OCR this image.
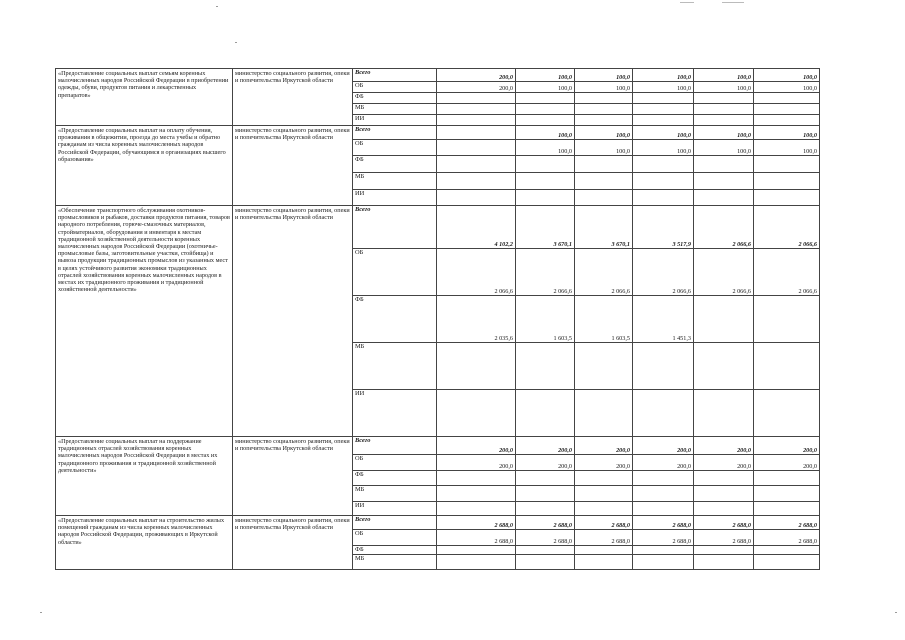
«Предоставление социальных выплат семьям коренных малочисленных народов Российской Федерации в приобретении одежды, обуви, продуктов питания и лекарственных препаратов»	министерство социального развития, опеки и попечительства Иркутской области	Всего	200,0	100,0	100,0	100,0	100,0	100,0
		ОБ	200,0	100,0	100,0	100,0	100,0	100,0
		ФБ						
		МБ						
		ИИ						
«Предоставление социальных выплат на оплату обучения, проживания в общежитии, проезда до места учебы и обратно гражданам из числа коренных малочисленных народов Российской Федерации, обучающимся в организациях высшего образования»	министерство социального развития, опеки и попечительства Иркутской области	Всего		100,0	100,0	100,0	100,0	100,0
		ОБ		100,0	100,0	100,0	100,0	100,0
		ФБ						
		МБ						
		ИИ						
«Обеспечение транспортного обслуживания охотников-промысловиков и рыбаков, доставки продуктов питания, товаров народного потребления, горюче-смазочных материалов, стройматериалов, оборудования и инвентаря к местам традиционной хозяйственной деятельности коренных малочисленных народов Российской Федерации (охотничье-промысловые базы, заготовительные участки, стойбища) и вывоза продукции традиционных промыслов из указанных мест в целях устойчивого развития экономики традиционных отраслей хозяйствования коренных малочисленных народов в местах их традиционного проживания и традиционной хозяйственной деятельности»	министерство социального развития, опеки и попечительства Иркутской области	Всего	4 102,2	3 670,1	3 670,1	3 517,9	2 066,6	2 066,6
		ОБ	2 066,6	2 066,6	2 066,6	2 066,6	2 066,6	2 066,6
		ФБ	2 035,6	1 603,5	1 603,5	1 451,3		
		МБ						
		ИИ						
«Предоставление социальных выплат на поддержание традиционных отраслей хозяйствования коренных малочисленных народов Российской Федерации в местах их традиционного проживания и традиционной хозяйственной деятельности»	министерство социального развития, опеки и попечительства Иркутской области	Всего	200,0	200,0	200,0	200,0	200,0	200,0
		ОБ	200,0	200,0	200,0	200,0	200,0	200,0
		ФБ						
		МБ						
		ИИ						
«Предоставление социальных выплат на строительство жилых помещений гражданам из числа коренных малочисленных народов Российской Федерации, проживающих в Иркутской области»	министерство социального развития, опеки и попечительства Иркутской области	Всего	2 688,0	2 688,0	2 688,0	2 688,0	2 688,0	2 688,0
		ОБ	2 688,0	2 688,0	2 688,0	2 688,0	2 688,0	2 688,0
		ФБ						
		МБ						
